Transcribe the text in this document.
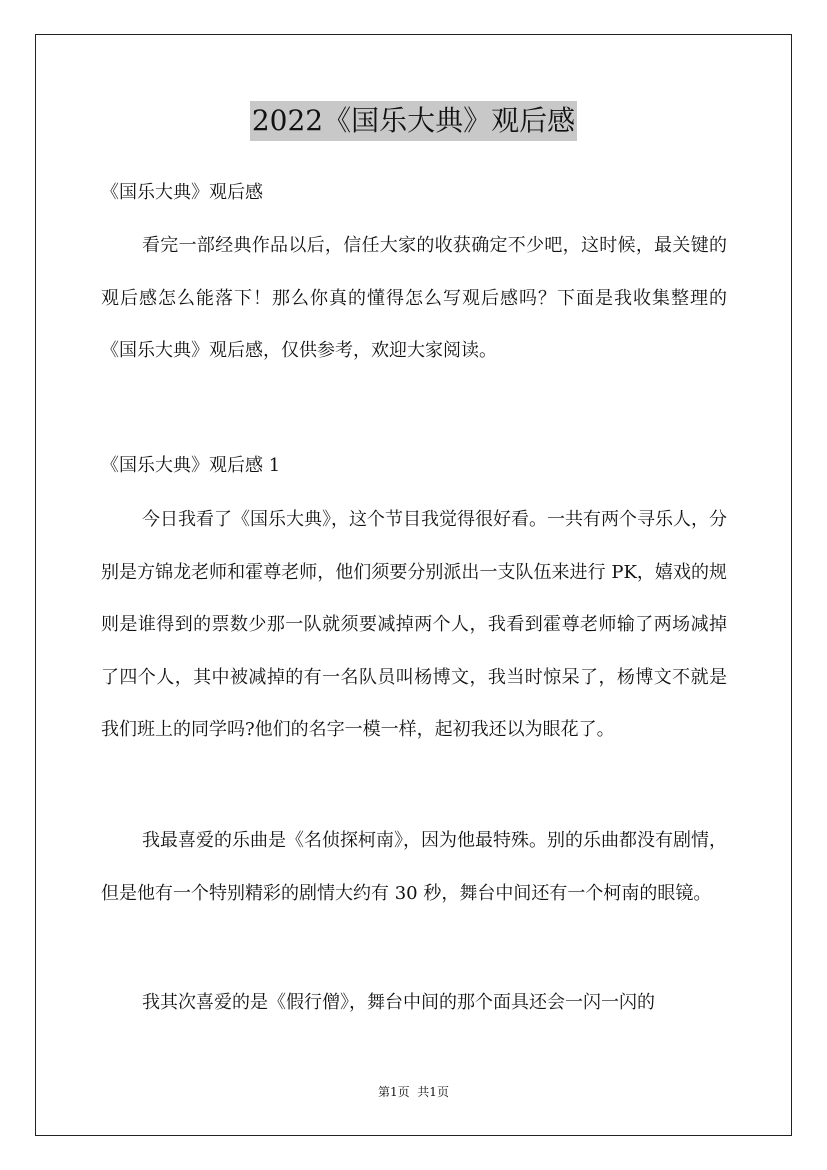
2022《国乐大典》观后感
《国乐大典》观后感

看完一部经典作品以后，信任大家的收获确定不少吧，这时候，最关键的观后感怎么能落下！那么你真的懂得怎么写观后感吗？下面是我收集整理的《国乐大典》观后感，仅供参考，欢迎大家阅读。

《国乐大典》观后感 1

今日我看了《国乐大典》，这个节目我觉得很好看。一共有两个寻乐人，分别是方锦龙老师和霍尊老师，他们须要分别派出一支队伍来进行 PK，嬉戏的规则是谁得到的票数少那一队就须要减掉两个人，我看到霍尊老师输了两场减掉了四个人，其中被减掉的有一名队员叫杨博文，我当时惊呆了，杨博文不就是我们班上的同学吗?他们的名字一模一样，起初我还以为眼花了。

我最喜爱的乐曲是《名侦探柯南》，因为他最特殊。别的乐曲都没有剧情，但是他有一个特别精彩的剧情大约有 30 秒，舞台中间还有一个柯南的眼镜。

我其次喜爱的是《假行僧》，舞台中间的那个面具还会一闪一闪的

第1页  共1页
